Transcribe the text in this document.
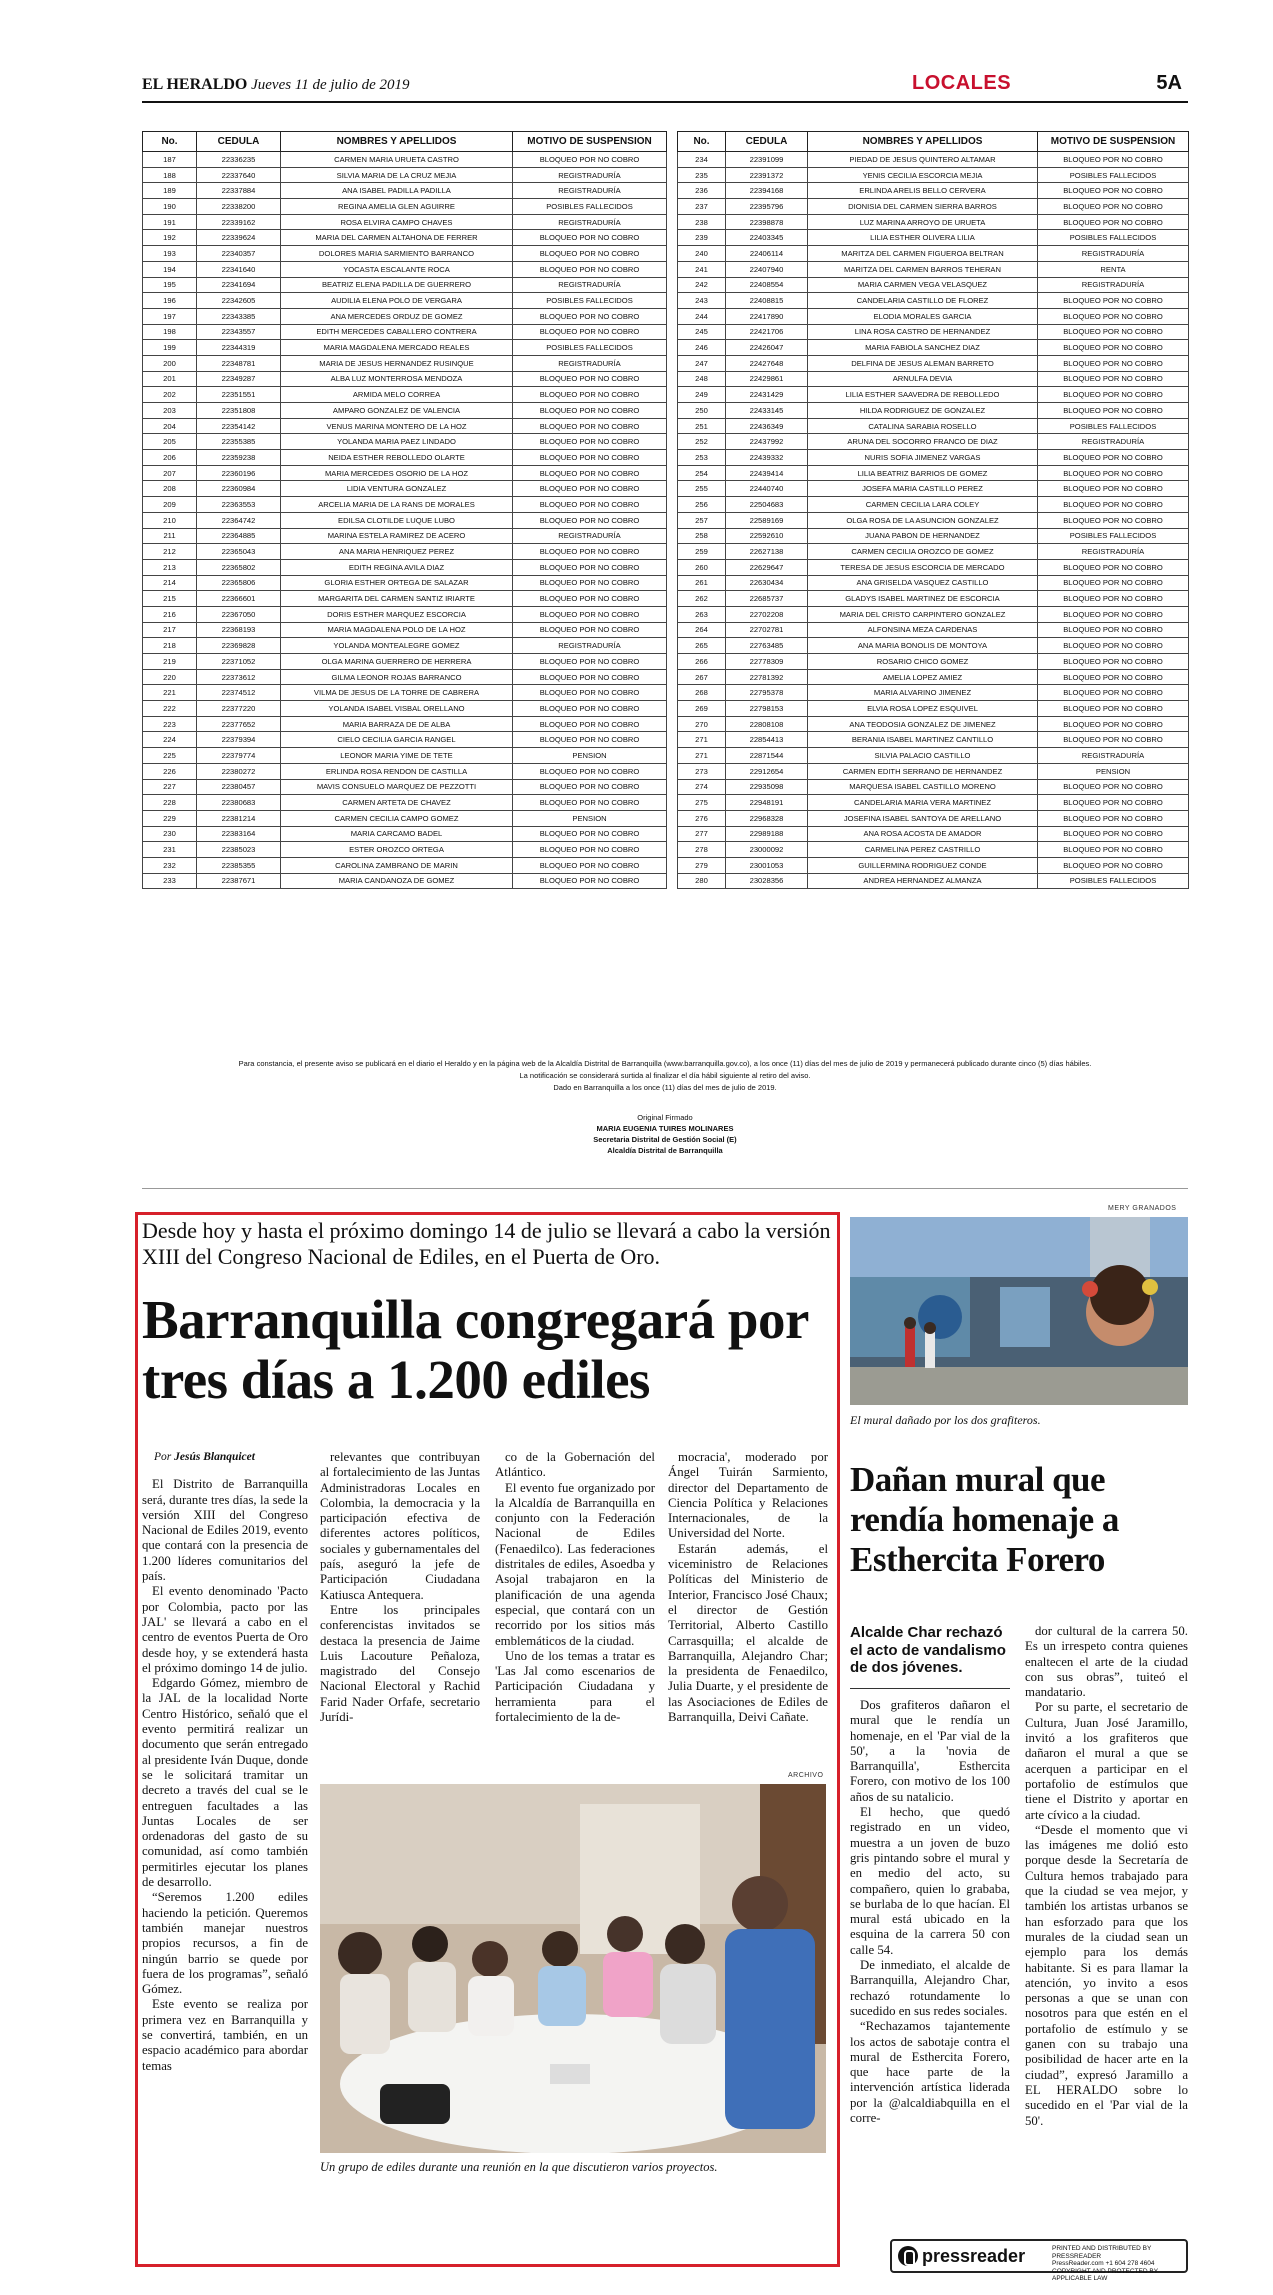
EL HERALDO Jueves 11 de julio de 2019	LOCALES	5A
No.	CEDULA	NOMBRES Y APELLIDOS	MOTIVO DE SUSPENSION
187	22336235	CARMEN MARIA URUETA CASTRO	BLOQUEO POR NO COBRO
188	22337640	SILVIA MARIA DE LA CRUZ MEJIA	REGISTRADURÍA
189	22337884	ANA ISABEL PADILLA PADILLA	REGISTRADURÍA
190	22338200	REGINA AMELIA GLEN AGUIRRE	POSIBLES FALLECIDOS
191	22339162	ROSA ELVIRA CAMPO CHAVES	REGISTRADURÍA
192	22339624	MARIA DEL CARMEN ALTAHONA DE FERRER	BLOQUEO POR NO COBRO
193	22340357	DOLORES MARIA SARMIENTO BARRANCO	BLOQUEO POR NO COBRO
194	22341640	YOCASTA ESCALANTE ROCA	BLOQUEO POR NO COBRO
195	22341694	BEATRIZ ELENA PADILLA DE GUERRERO	REGISTRADURÍA
196	22342605	AUDILIA ELENA POLO DE VERGARA	POSIBLES FALLECIDOS
197	22343385	ANA MERCEDES ORDUZ DE GOMEZ	BLOQUEO POR NO COBRO
198	22343557	EDITH MERCEDES CABALLERO CONTRERA	BLOQUEO POR NO COBRO
199	22344319	MARIA MAGDALENA MERCADO REALES	POSIBLES FALLECIDOS
200	22348781	MARIA DE JESUS HERNANDEZ RUSINQUE	REGISTRADURÍA
201	22349287	ALBA LUZ MONTERROSA MENDOZA	BLOQUEO POR NO COBRO
202	22351551	ARMIDA MELO CORREA	BLOQUEO POR NO COBRO
203	22351808	AMPARO GONZALEZ DE VALENCIA	BLOQUEO POR NO COBRO
204	22354142	VENUS MARINA MONTERO DE LA HOZ	BLOQUEO POR NO COBRO
205	22355385	YOLANDA MARIA PAEZ LINDADO	BLOQUEO POR NO COBRO
206	22359238	NEIDA ESTHER REBOLLEDO OLARTE	BLOQUEO POR NO COBRO
207	22360196	MARIA MERCEDES OSORIO DE LA HOZ	BLOQUEO POR NO COBRO
208	22360984	LIDIA VENTURA GONZALEZ	BLOQUEO POR NO COBRO
209	22363553	ARCELIA MARIA DE LA RANS DE MORALES	BLOQUEO POR NO COBRO
210	22364742	EDILSA CLOTILDE LUQUE LUBO	BLOQUEO POR NO COBRO
211	22364885	MARINA ESTELA RAMIREZ DE ACERO	REGISTRADURÍA
212	22365043	ANA MARIA HENRIQUEZ PEREZ	BLOQUEO POR NO COBRO
213	22365802	EDITH REGINA AVILA DIAZ	BLOQUEO POR NO COBRO
214	22365806	GLORIA ESTHER ORTEGA DE SALAZAR	BLOQUEO POR NO COBRO
215	22366601	MARGARITA DEL CARMEN SANTIZ IRIARTE	BLOQUEO POR NO COBRO
216	22367050	DORIS ESTHER MARQUEZ ESCORCIA	BLOQUEO POR NO COBRO
217	22368193	MARIA MAGDALENA POLO DE LA HOZ	BLOQUEO POR NO COBRO
218	22369828	YOLANDA MONTEALEGRE GOMEZ	REGISTRADURÍA
219	22371052	OLGA MARINA GUERRERO DE HERRERA	BLOQUEO POR NO COBRO
220	22373612	GILMA LEONOR ROJAS BARRANCO	BLOQUEO POR NO COBRO
221	22374512	VILMA DE JESUS DE LA TORRE DE CABRERA	BLOQUEO POR NO COBRO
222	22377220	YOLANDA ISABEL VISBAL ORELLANO	BLOQUEO POR NO COBRO
223	22377652	MARIA BARRAZA DE DE ALBA	BLOQUEO POR NO COBRO
224	22379394	CIELO CECILIA GARCIA RANGEL	BLOQUEO POR NO COBRO
225	22379774	LEONOR MARIA YIME DE TETE	PENSION
226	22380272	ERLINDA ROSA RENDON DE CASTILLA	BLOQUEO POR NO COBRO
227	22380457	MAVIS CONSUELO MARQUEZ DE PEZZOTTI	BLOQUEO POR NO COBRO
228	22380683	CARMEN ARTETA DE CHAVEZ	BLOQUEO POR NO COBRO
229	22381214	CARMEN CECILIA CAMPO GOMEZ	PENSION
230	22383164	MARIA CARCAMO BADEL	BLOQUEO POR NO COBRO
231	22385023	ESTER OROZCO ORTEGA	BLOQUEO POR NO COBRO
232	22385355	CAROLINA ZAMBRANO DE MARIN	BLOQUEO POR NO COBRO
233	22387671	MARIA CANDANOZA DE GOMEZ	BLOQUEO POR NO COBRO
No.	CEDULA	NOMBRES Y APELLIDOS	MOTIVO DE SUSPENSION
234	22391099	PIEDAD DE JESUS QUINTERO ALTAMAR	BLOQUEO POR NO COBRO
235	22391372	YENIS CECILIA ESCORCIA MEJIA	POSIBLES FALLECIDOS
236	22394168	ERLINDA ARELIS BELLO CERVERA	BLOQUEO POR NO COBRO
237	22395796	DIONISIA DEL CARMEN SIERRA BARROS	BLOQUEO POR NO COBRO
238	22398878	LUZ MARINA ARROYO DE URUETA	BLOQUEO POR NO COBRO
239	22403345	LILIA ESTHER OLIVERA LILIA	POSIBLES FALLECIDOS
240	22406114	MARITZA DEL CARMEN FIGUEROA BELTRAN	REGISTRADURÍA
241	22407940	MARITZA DEL CARMEN BARROS TEHERAN	RENTA
242	22408554	MARIA CARMEN VEGA VELASQUEZ	REGISTRADURÍA
243	22408815	CANDELARIA CASTILLO DE FLOREZ	BLOQUEO POR NO COBRO
244	22417890	ELODIA MORALES GARCIA	BLOQUEO POR NO COBRO
245	22421706	LINA ROSA CASTRO DE HERNANDEZ	BLOQUEO POR NO COBRO
246	22426047	MARIA FABIOLA SANCHEZ DIAZ	BLOQUEO POR NO COBRO
247	22427648	DELFINA DE JESUS ALEMAN BARRETO	BLOQUEO POR NO COBRO
248	22429861	ARNULFA DEVIA	BLOQUEO POR NO COBRO
249	22431429	LILIA ESTHER SAAVEDRA DE REBOLLEDO	BLOQUEO POR NO COBRO
250	22433145	HILDA RODRIGUEZ DE GONZALEZ	BLOQUEO POR NO COBRO
251	22436349	CATALINA SARABIA ROSELLO	POSIBLES FALLECIDOS
252	22437992	ARUNA DEL SOCORRO FRANCO DE DIAZ	REGISTRADURÍA
253	22439332	NURIS SOFIA JIMENEZ VARGAS	BLOQUEO POR NO COBRO
254	22439414	LILIA BEATRIZ BARRIOS DE GOMEZ	BLOQUEO POR NO COBRO
255	22440740	JOSEFA MARIA CASTILLO PEREZ	BLOQUEO POR NO COBRO
256	22504683	CARMEN CECILIA LARA COLEY	BLOQUEO POR NO COBRO
257	22589169	OLGA ROSA DE LA ASUNCION GONZALEZ	BLOQUEO POR NO COBRO
258	22592610	JUANA PABON DE HERNANDEZ	POSIBLES FALLECIDOS
259	22627138	CARMEN CECILIA OROZCO DE GOMEZ	REGISTRADURÍA
260	22629647	TERESA DE JESUS ESCORCIA DE MERCADO	BLOQUEO POR NO COBRO
261	22630434	ANA GRISELDA VASQUEZ CASTILLO	BLOQUEO POR NO COBRO
262	22685737	GLADYS ISABEL MARTINEZ DE ESCORCIA	BLOQUEO POR NO COBRO
263	22702208	MARIA DEL CRISTO CARPINTERO GONZALEZ	BLOQUEO POR NO COBRO
264	22702781	ALFONSINA MEZA CARDENAS	BLOQUEO POR NO COBRO
265	22763485	ANA MARIA BONOLIS DE MONTOYA	BLOQUEO POR NO COBRO
266	22778309	ROSARIO CHICO GOMEZ	BLOQUEO POR NO COBRO
267	22781392	AMELIA LOPEZ AMIEZ	BLOQUEO POR NO COBRO
268	22795378	MARIA ALVARINO JIMENEZ	BLOQUEO POR NO COBRO
269	22798153	ELVIA ROSA LOPEZ ESQUIVEL	BLOQUEO POR NO COBRO
270	22808108	ANA TEODOSIA GONZALEZ DE JIMENEZ	BLOQUEO POR NO COBRO
271	22854413	BERANIA ISABEL MARTINEZ CANTILLO	BLOQUEO POR NO COBRO
271	22871544	SILVIA PALACIO CASTILLO	REGISTRADURÍA
273	22912654	CARMEN EDITH SERRANO DE HERNANDEZ	PENSION
274	22935098	MARQUESA ISABEL CASTILLO MORENO	BLOQUEO POR NO COBRO
275	22948191	CANDELARIA MARIA VERA MARTINEZ	BLOQUEO POR NO COBRO
276	22968328	JOSEFINA ISABEL SANTOYA DE ARELLANO	BLOQUEO POR NO COBRO
277	22989188	ANA ROSA ACOSTA DE AMADOR	BLOQUEO POR NO COBRO
278	23000092	CARMELINA PEREZ CASTRILLO	BLOQUEO POR NO COBRO
279	23001053	GUILLERMINA RODRIGUEZ CONDE	BLOQUEO POR NO COBRO
280	23028356	ANDREA HERNANDEZ ALMANZA	POSIBLES FALLECIDOS
Para constancia, el presente aviso se publicará en el diario el Heraldo y en la página web de la Alcaldía Distrital de Barranquilla (www.barranquilla.gov.co), a los once (11) días del mes de julio de 2019 y permanecerá publicado durante cinco (5) días hábiles.
La notificación se considerará surtida al finalizar el día hábil siguiente al retiro del aviso.
Dado en Barranquilla a los once (11) días del mes de julio de 2019.
Original Firmado
MARIA EUGENIA TUIRES MOLINARES
Secretaria Distrital de Gestión Social (E)
Alcaldía Distrital de Barranquilla
Desde hoy y hasta el próximo domingo 14 de julio se llevará a cabo la versión XIII del Congreso Nacional de Ediles, en el Puerta de Oro.
Barranquilla congregará por tres días a 1.200 ediles
Por Jesús Blanquicet

El Distrito de Barranquilla será, durante tres días, la sede la versión XIII del Congreso Nacional de Ediles 2019, evento que contará con la presencia de 1.200 líderes comunitarios del país.

El evento denominado 'Pacto por Colombia, pacto por las JAL' se llevará a cabo en el centro de eventos Puerta de Oro desde hoy, y se extenderá hasta el próximo domingo 14 de julio.

Edgardo Gómez, miembro de la JAL de la localidad Norte Centro Histórico, señaló que el evento permitirá realizar un documento que serán entregado al presidente Iván Duque, donde se le solicitará tramitar un decreto a través del cual se le entreguen facultades a las Juntas Locales de ser ordenadoras del gasto de su comunidad, así como también permitirles ejecutar los planes de desarrollo.

“Seremos 1.200 ediles haciendo la petición. Queremos también manejar nuestros propios recursos, a fin de ningún barrio se quede por fuera de los programas”, señaló Gómez.

Este evento se realiza por primera vez en Barranquilla y se convertirá, también, en un espacio académico para abordar temas

relevantes que contribuyan al fortalecimiento de las Juntas Administradoras Locales en Colombia, la democracia y la participación efectiva de diferentes actores políticos, sociales y gubernamentales del país, aseguró la jefe de Participación Ciudadana Katiusca Antequera.

Entre los principales conferencistas invitados se destaca la presencia de Jaime Luis Lacouture Peñaloza, magistrado del Consejo Nacional Electoral y Rachid Farid Nader Orfafe, secretario Jurídi-

co de la Gobernación del Atlántico.

El evento fue organizado por la Alcaldía de Barranquilla en conjunto con la Federación Nacional de Ediles (Fenaedilco). Las federaciones distritales de ediles, Asoedba y Asojal trabajaron en la planificación de una agenda especial, que contará con un recorrido por los sitios más emblemáticos de la ciudad.

Uno de los temas a tratar es 'Las Jal como escenarios de Participación Ciudadana y herramienta para el fortalecimiento de la de-

mocracia', moderado por Ángel Tuirán Sarmiento, director del Departamento de Ciencia Política y Relaciones Internacionales, de la Universidad del Norte.

Estarán además, el viceministro de Relaciones Políticas del Ministerio de Interior, Francisco José Chaux; el director de Gestión Territorial, Alberto Castillo Carrasquilla; el alcalde de Barranquilla, Alejandro Char; la presidenta de Fenaedilco, Julia Duarte, y el presidente de las Asociaciones de Ediles de Barranquilla, Deivi Cañate.

ARCHIVO
Un grupo de ediles durante una reunión en la que discutieron varios proyectos.
MERY GRANADOS
El mural dañado por los dos grafiteros.
Dañan mural que rendía homenaje a Esthercita Forero
Alcalde Char rechazó el acto de vandalismo de dos jóvenes.

Dos grafiteros dañaron el mural que le rendía un homenaje, en el 'Par vial de la 50', a la 'novia de Barranquilla', Esthercita Forero, con motivo de los 100 años de su natalicio.

El hecho, que quedó registrado en un video, muestra a un joven de buzo gris pintando sobre el mural y en medio del acto, su compañero, quien lo grababa, se burlaba de lo que hacían. El mural está ubicado en la esquina de la carrera 50 con calle 54.

De inmediato, el alcalde de Barranquilla, Alejandro Char, rechazó rotundamente lo sucedido en sus redes sociales.

“Rechazamos tajantemente los actos de sabotaje contra el mural de Esthercita Forero, que hace parte de la intervención artística liderada por la @alcaldiabquilla en el corre-

dor cultural de la carrera 50. Es un irrespeto contra quienes enaltecen el arte de la ciudad con sus obras”, tuiteó el mandatario.

Por su parte, el secretario de Cultura, Juan José Jaramillo, invitó a los grafiteros que dañaron el mural a que se acerquen a participar en el portafolio de estímulos que tiene el Distrito y aportar en arte cívico a la ciudad.

“Desde el momento que vi las imágenes me dolió esto porque desde la Secretaría de Cultura hemos trabajado para que la ciudad se vea mejor, y también los artistas urbanos se han esforzado para que los murales de la ciudad sean un ejemplo para los demás habitante. Si es para llamar la atención, yo invito a esos personas a que se unan con nosotros para que estén en el portafolio de estímulo y se ganen con su trabajo una posibilidad de hacer arte en la ciudad”, expresó Jaramillo a EL HERALDO sobre lo sucedido en el 'Par vial de la 50'.

pressreader	PRINTED AND DISTRIBUTED BY PRESSREADER
PressReader.com +1 604 278 4604
COPYRIGHT AND PROTECTED BY APPLICABLE LAW
